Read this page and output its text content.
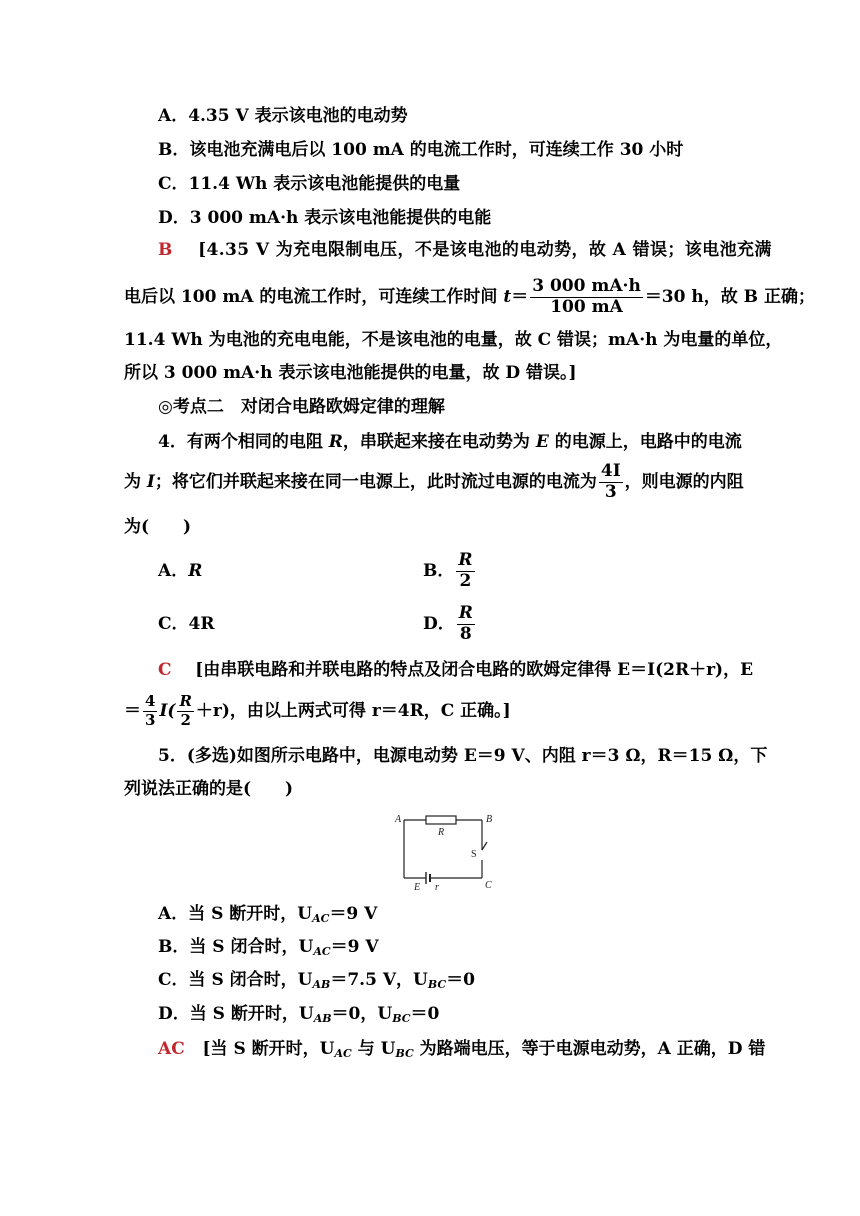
A．4.35 V 表示该电池的电动势
B．该电池充满电后以 100 mA 的电流工作时，可连续工作 30 小时
C．11.4 Wh 表示该电池能提供的电量
D．3 000 mA·h 表示该电池能提供的电能
B [4.35 V 为充电限制电压，不是该电池的电动势，故 A 错误；该电池充满
电后以 100 mA 的电流工作时，可连续工作时间 $t= \frac{3 000 mA\cdot h}{100 mA} =30$ h，故 B 正确；
11.4 Wh 为电池的充电电能，不是该电池的电量，故 C 错误；mA·h 为电量的单位，
所以 3 000 mA·h 表示该电池能提供的电量，故 D 错误。]
◎考点二　对闭合电路欧姆定律的理解
4．有两个相同的电阻 R，串联起来接在电动势为 E 的电源上，电路中的电流
为 I；将它们并联起来接在同一电源上，此时流过电源的电流为 $\frac{4I}{3}$ ，则电源的内阻
为(　　)
A．R	B． $\frac{R}{2}$
C．4R	D． $\frac{R}{8}$
C [由串联电路和并联电路的特点及闭合电路的欧姆定律得 E＝I(2R＋r)，E
＝ $\frac{4}{3} I( \frac{R}{2} +r)$，由以上两式可得 r＝4R，C 正确。]
5．(多选)如图所示电路中，电源电动势 E＝9 V、内阻 r＝3 Ω，R＝15 Ω，下
列说法正确的是(　　)
A	B
R
S
E r	C
A．当 S 断开时，$U_{AC}=9$ V
B．当 S 闭合时，$U_{AC}=9$ V
C．当 S 闭合时，$U_{AB}=7.5$ V，$U_{BC}=0$
D．当 S 断开时，$U_{AB}=0$，$U_{BC}=0$
AC [当 S 断开时，$U_{AC}$ 与 $U_{BC}$ 为路端电压，等于电源电动势，A 正确，D 错
